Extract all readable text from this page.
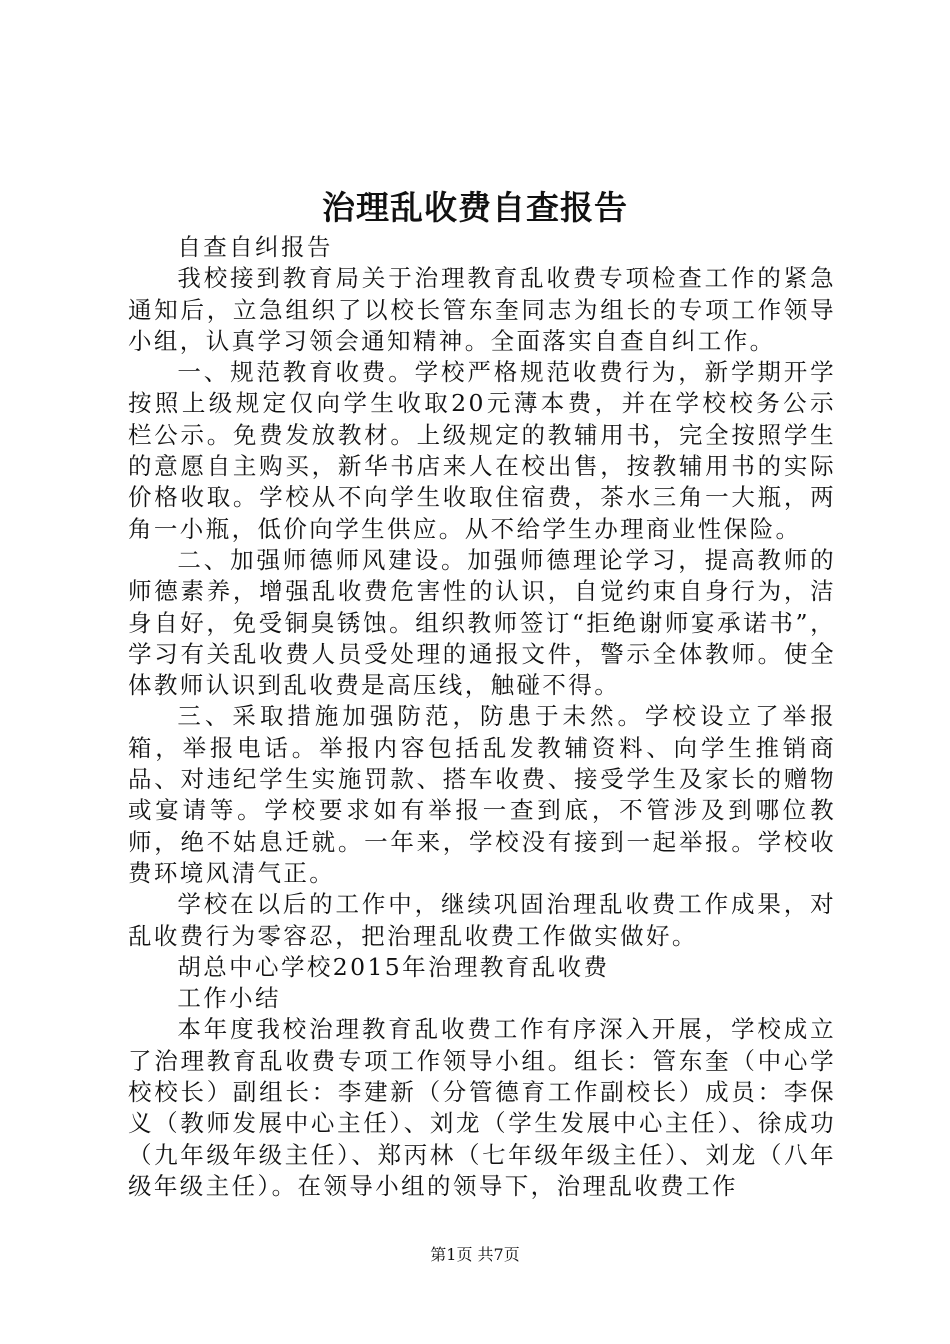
治理乱收费自查报告

自查自纠报告

我校接到教育局关于治理教育乱收费专项检查工作的紧急通知后，立急组织了以校长管东奎同志为组长的专项工作领导小组，认真学习领会通知精神。全面落实自查自纠工作。

一、规范教育收费。学校严格规范收费行为，新学期开学按照上级规定仅向学生收取20元薄本费，并在学校校务公示栏公示。免费发放教材。上级规定的教辅用书，完全按照学生的意愿自主购买，新华书店来人在校出售，按教辅用书的实际价格收取。学校从不向学生收取住宿费，茶水三角一大瓶，两角一小瓶，低价向学生供应。从不给学生办理商业性保险。

二、加强师德师风建设。加强师德理论学习，提高教师的师德素养，增强乱收费危害性的认识，自觉约束自身行为，洁身自好，免受铜臭锈蚀。组织教师签订“拒绝谢师宴承诺书”，学习有关乱收费人员受处理的通报文件，警示全体教师。使全体教师认识到乱收费是高压线，触碰不得。

三、采取措施加强防范，防患于未然。学校设立了举报箱，举报电话。举报内容包括乱发教辅资料、向学生推销商品、对违纪学生实施罚款、搭车收费、接受学生及家长的赠物或宴请等。学校要求如有举报一查到底，不管涉及到哪位教师，绝不姑息迁就。一年来，学校没有接到一起举报。学校收费环境风清气正。

学校在以后的工作中，继续巩固治理乱收费工作成果，对乱收费行为零容忍，把治理乱收费工作做实做好。

胡总中心学校2015年治理教育乱收费

工作小结

本年度我校治理教育乱收费工作有序深入开展，学校成立了治理教育乱收费专项工作领导小组。组长：管东奎（中心学校校长）副组长：李建新（分管德育工作副校长）成员：李保义（教师发展中心主任）、刘龙（学生发展中心主任）、徐成功（九年级年级主任）、郑丙林（七年级年级主任）、刘龙（八年级年级主任）。在领导小组的领导下，治理乱收费工作

第1页 共7页
